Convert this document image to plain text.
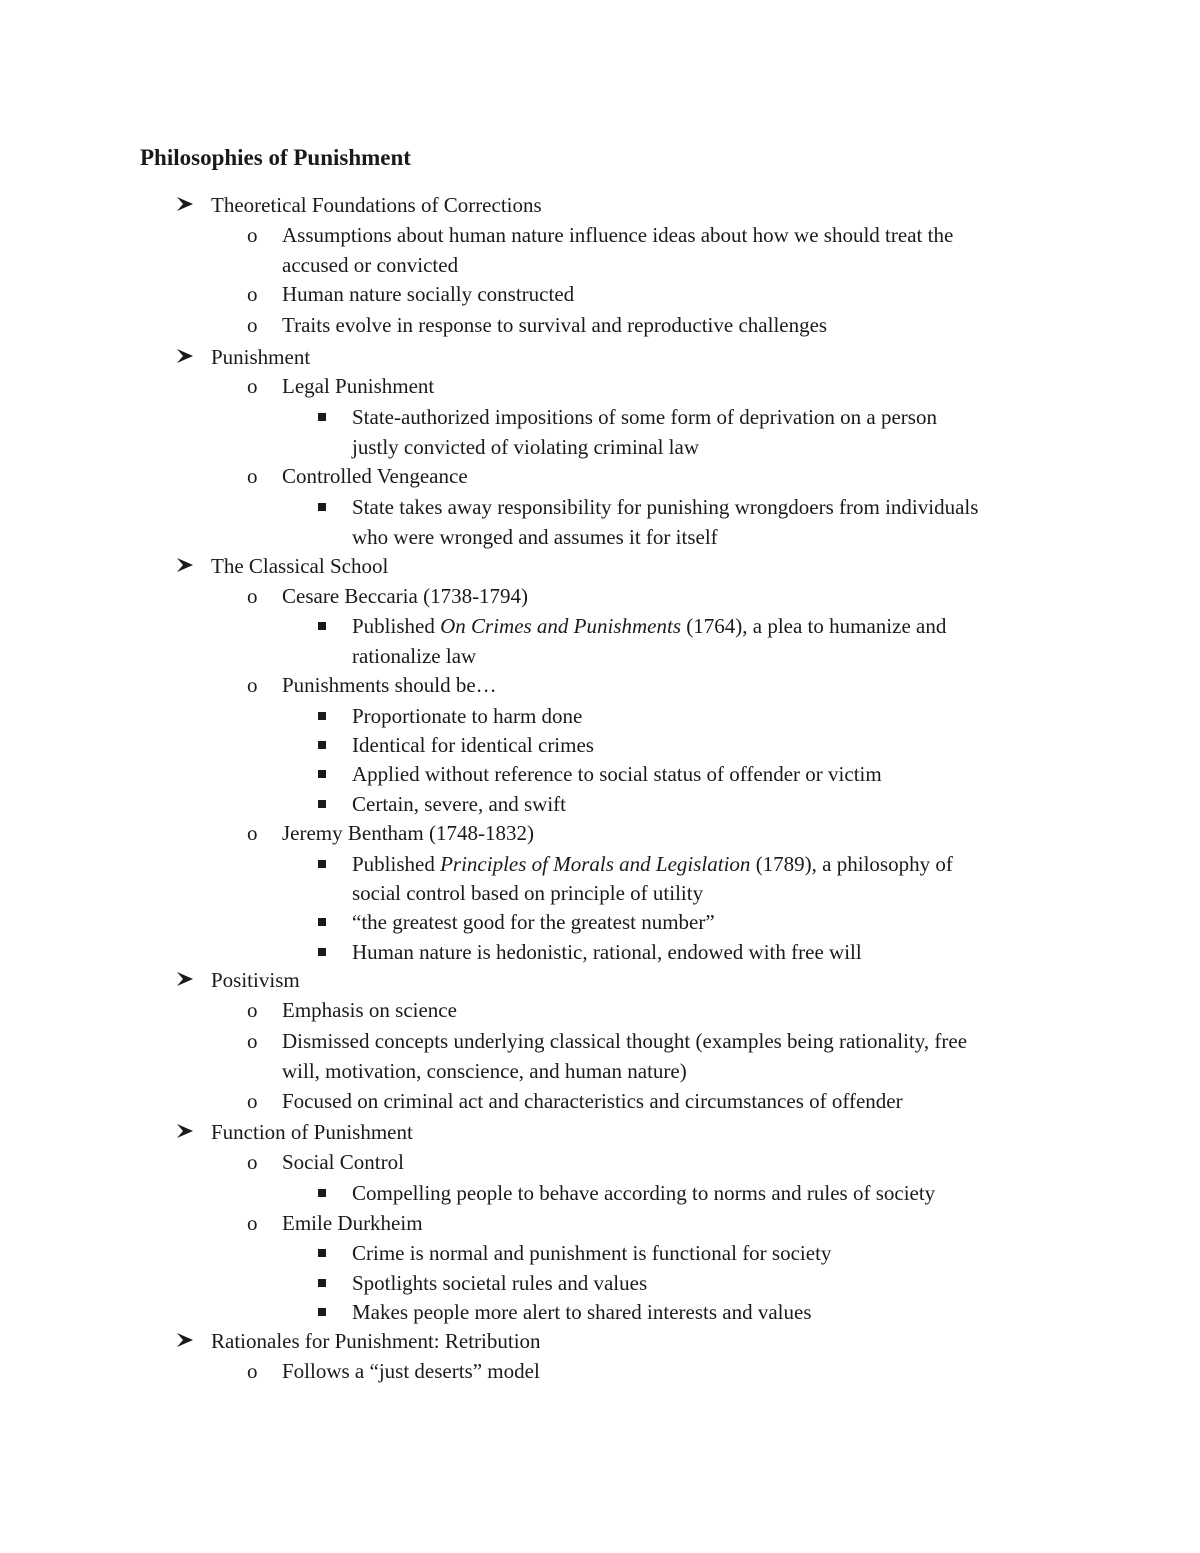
Philosophies of Punishment
Theoretical Foundations of Corrections
o Assumptions about human nature influence ideas about how we should treat the
accused or convicted
o Human nature socially constructed
o Traits evolve in response to survival and reproductive challenges
Punishment
o Legal Punishment
State-authorized impositions of some form of deprivation on a person
justly convicted of violating criminal law
o Controlled Vengeance
State takes away responsibility for punishing wrongdoers from individuals
who were wronged and assumes it for itself
The Classical School
o Cesare Beccaria (1738-1794)
Published On Crimes and Punishments (1764), a plea to humanize and
rationalize law
o Punishments should be…
Proportionate to harm done
Identical for identical crimes
Applied without reference to social status of offender or victim
Certain, severe, and swift
o Jeremy Bentham (1748-1832)
Published Principles of Morals and Legislation (1789), a philosophy of
social control based on principle of utility
“the greatest good for the greatest number”
Human nature is hedonistic, rational, endowed with free will
Positivism
o Emphasis on science
o Dismissed concepts underlying classical thought (examples being rationality, free
will, motivation, conscience, and human nature)
o Focused on criminal act and characteristics and circumstances of offender
Function of Punishment
o Social Control
Compelling people to behave according to norms and rules of society
o Emile Durkheim
Crime is normal and punishment is functional for society
Spotlights societal rules and values
Makes people more alert to shared interests and values
Rationales for Punishment: Retribution
o Follows a “just deserts” model
